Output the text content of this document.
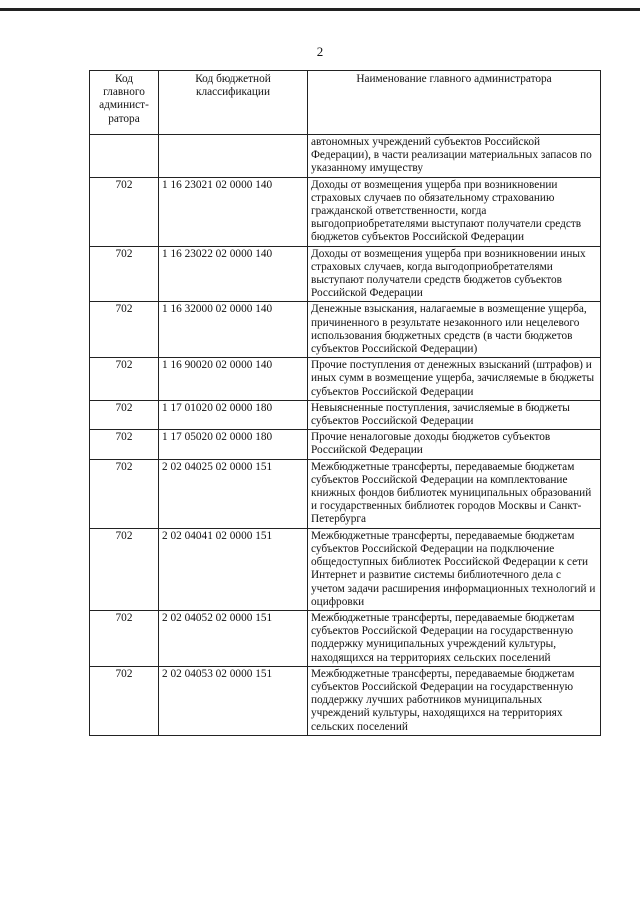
2
Код главного админист-ратора	Код бюджетной классификации	Наименование главного администратора
		автономных учреждений субъектов Российской Федерации), в части реализации материальных запасов по указанному имуществу
702	1 16 23021 02 0000 140	Доходы от возмещения ущерба при возникновении страховых случаев по обязательному страхованию гражданской ответственности, когда выгодоприобретателями выступают получатели средств бюджетов субъектов Российской Федерации
702	1 16 23022 02 0000 140	Доходы от возмещения ущерба при возникновении иных страховых случаев, когда выгодоприобретателями выступают получатели средств бюджетов субъектов Российской Федерации
702	1 16 32000 02 0000 140	Денежные взыскания, налагаемые в возмещение ущерба, причиненного в результате незаконного или нецелевого использования бюджетных средств (в части бюджетов субъектов Российской Федерации)
702	1 16 90020 02 0000 140	Прочие поступления от денежных взысканий (штрафов) и иных сумм в возмещение ущерба, зачисляемые в бюджеты субъектов Российской Федерации
702	1 17 01020 02 0000 180	Невыясненные поступления, зачисляемые в бюджеты субъектов Российской Федерации
702	1 17 05020 02 0000 180	Прочие неналоговые доходы бюджетов субъектов Российской Федерации
702	2 02 04025 02 0000 151	Межбюджетные трансферты, передаваемые бюджетам субъектов Российской Федерации на комплектование книжных фондов библиотек муниципальных образований и государственных библиотек городов Москвы и Санкт-Петербурга
702	2 02 04041 02 0000 151	Межбюджетные трансферты, передаваемые бюджетам субъектов Российской Федерации на подключение общедоступных библиотек Российской Федерации к сети Интернет и развитие системы библиотечного дела с учетом задачи расширения информационных технологий и оцифровки
702	2 02 04052 02 0000 151	Межбюджетные трансферты, передаваемые бюджетам субъектов Российской Федерации на государственную поддержку муниципальных учреждений культуры, находящихся на территориях сельских поселений
702	2 02 04053 02 0000 151	Межбюджетные трансферты, передаваемые бюджетам субъектов Российской Федерации на государственную поддержку лучших работников муниципальных учреждений культуры, находящихся на территориях сельских поселений
